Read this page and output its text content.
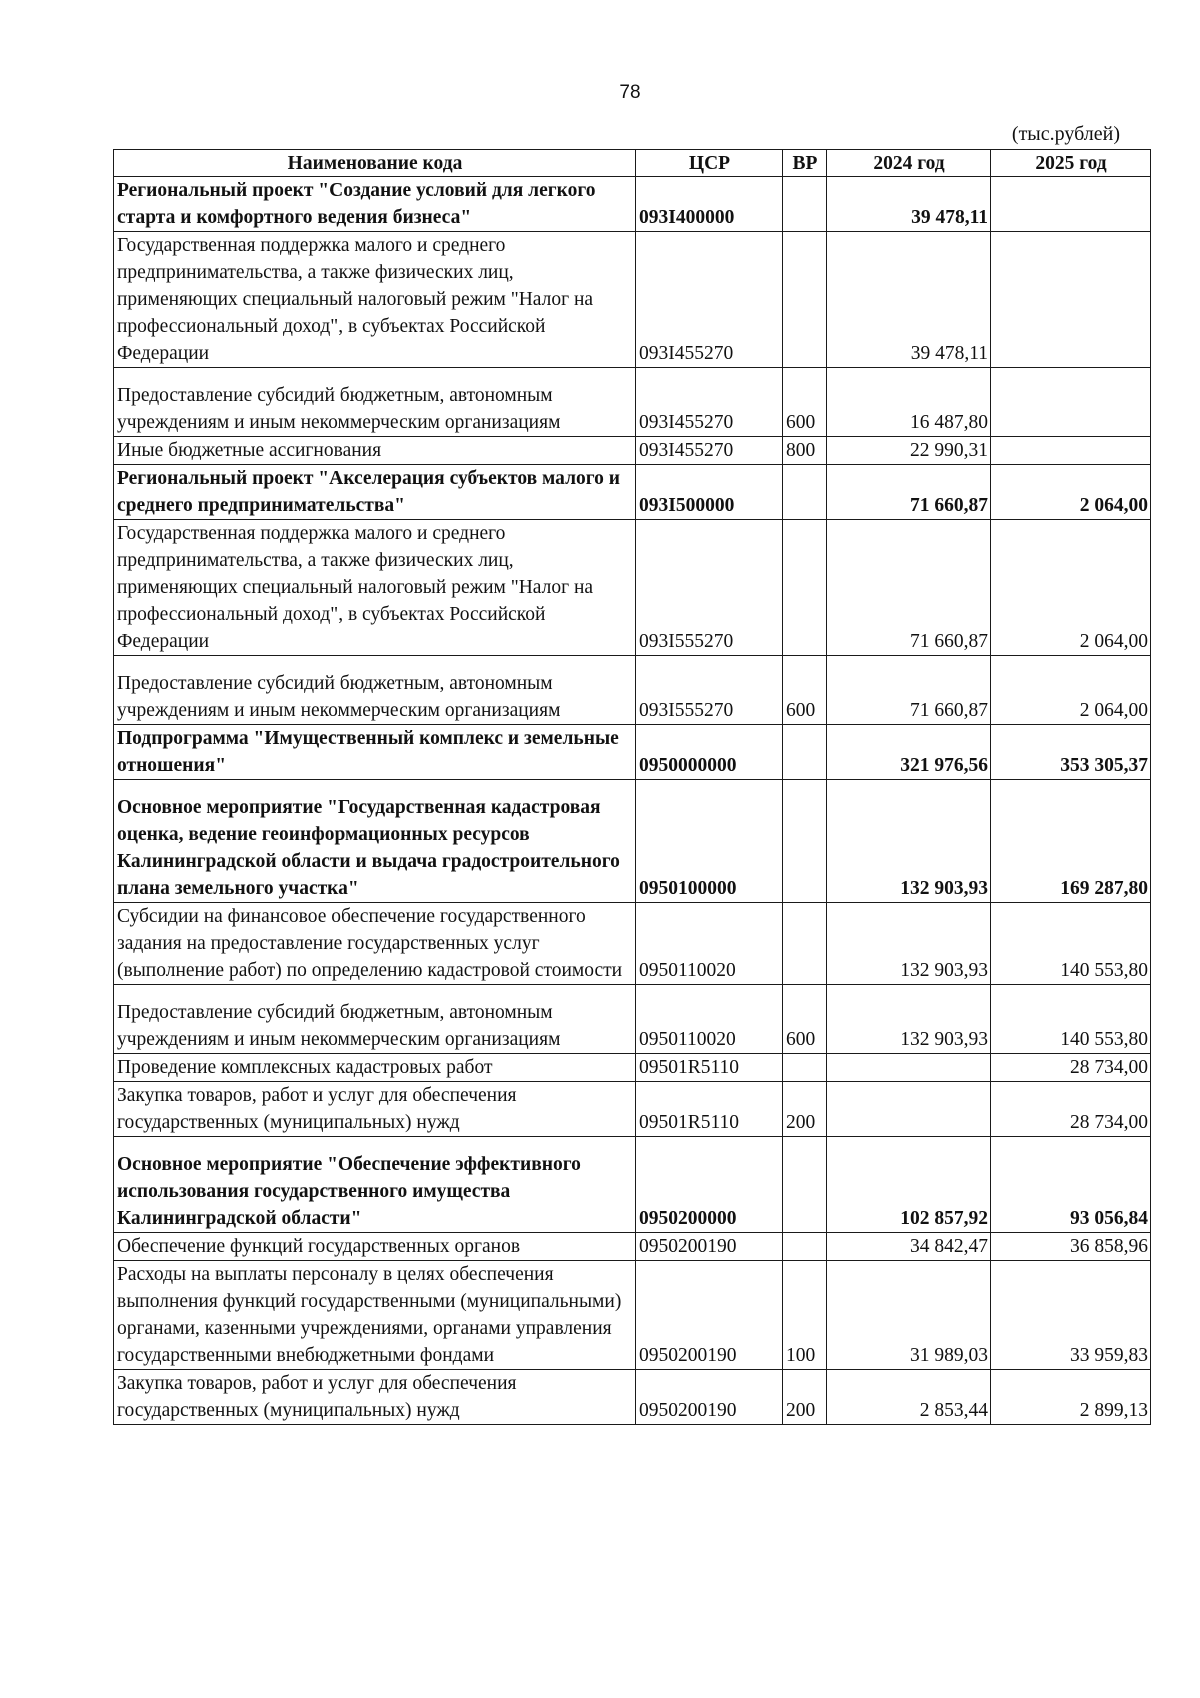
78
(тыс.рублей)
Наименование кода	ЦСР	ВР	2024 год	2025 год
Региональный проект "Создание условий для легкого старта и комфортного ведения бизнеса"	093I400000		39 478,11	
Государственная поддержка малого и среднего предпринимательства, а также физических лиц, применяющих специальный налоговый режим "Налог на профессиональный доход", в субъектах Российской Федерации	093I455270		39 478,11	
Предоставление субсидий бюджетным, автономным учреждениям и иным некоммерческим организациям	093I455270	600	16 487,80	
Иные бюджетные ассигнования	093I455270	800	22 990,31	
Региональный проект "Акселерация субъектов малого и среднего предпринимательства"	093I500000		71 660,87	2 064,00
Государственная поддержка малого и среднего предпринимательства, а также физических лиц, применяющих специальный налоговый режим "Налог на профессиональный доход", в субъектах Российской Федерации	093I555270		71 660,87	2 064,00
Предоставление субсидий бюджетным, автономным учреждениям и иным некоммерческим организациям	093I555270	600	71 660,87	2 064,00
Подпрограмма "Имущественный комплекс и земельные отношения"	0950000000		321 976,56	353 305,37
Основное мероприятие "Государственная кадастровая оценка, ведение геоинформационных ресурсов Калининградской области и выдача градостроительного плана земельного участка"	0950100000		132 903,93	169 287,80
Субсидии на финансовое обеспечение государственного задания на предоставление государственных услуг (выполнение работ) по определению кадастровой стоимости	0950110020		132 903,93	140 553,80
Предоставление субсидий бюджетным, автономным учреждениям и иным некоммерческим организациям	0950110020	600	132 903,93	140 553,80
Проведение комплексных кадастровых работ	09501R5110			28 734,00
Закупка товаров, работ и услуг для обеспечения государственных (муниципальных) нужд	09501R5110	200		28 734,00
Основное мероприятие "Обеспечение эффективного использования государственного имущества Калининградской области"	0950200000		102 857,92	93 056,84
Обеспечение функций государственных органов	0950200190		34 842,47	36 858,96
Расходы на выплаты персоналу в целях обеспечения выполнения функций государственными (муниципальными) органами, казенными учреждениями, органами управления государственными внебюджетными фондами	0950200190	100	31 989,03	33 959,83
Закупка товаров, работ и услуг для обеспечения государственных (муниципальных) нужд	0950200190	200	2 853,44	2 899,13
